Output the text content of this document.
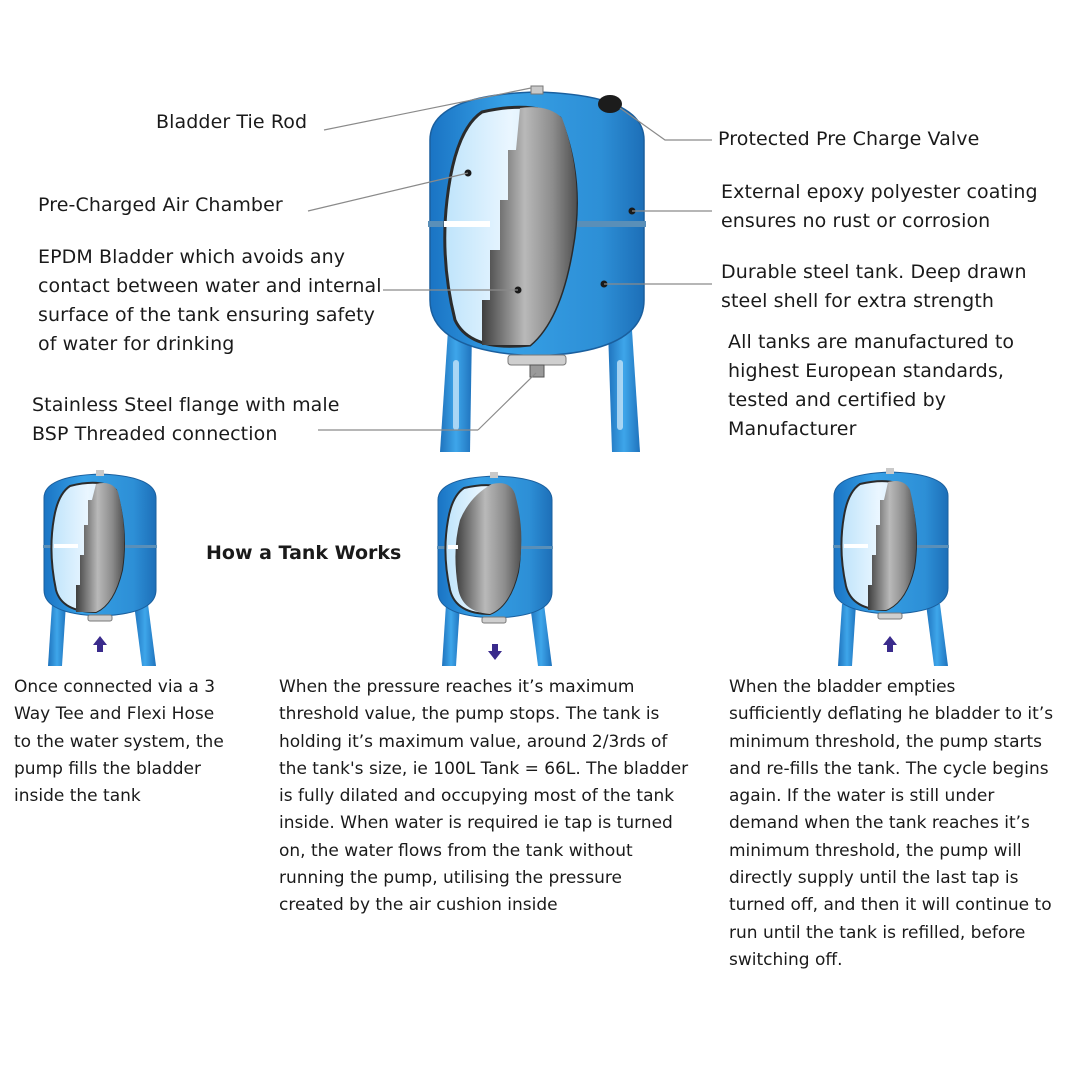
Bladder Tie Rod
Pre-Charged Air Chamber
EPDM Bladder which avoids any
contact between water and internal
surface of the tank ensuring safety
of water for drinking
Stainless Steel flange with male
BSP Threaded connection
Protected Pre Charge Valve
External epoxy polyester coating
ensures no rust or corrosion
Durable steel tank. Deep drawn
steel shell for extra strength
All tanks are manufactured to
highest European standards,
tested and certified by
Manufacturer
How a Tank Works
Once connected via a 3
Way Tee and Flexi Hose
to the water system, the
pump fills the bladder
inside the tank
When the pressure reaches it’s maximum
threshold value, the pump stops. The tank is
holding it’s maximum value, around 2/3rds of
the tank's size, ie 100L Tank = 66L. The bladder
is fully dilated and occupying most of the tank
inside. When water is required ie tap is turned
on, the water flows from the tank without
running the pump, utilising the pressure
created by the air cushion inside
When the bladder empties
sufficiently deflating he bladder to it’s
minimum threshold, the pump starts
and re-fills the tank. The cycle begins
again. If the water is still under
demand when the tank reaches it’s
minimum threshold, the pump will
directly supply until the last tap is
turned off, and then it will continue to
run until the tank is refilled, before
switching off.
